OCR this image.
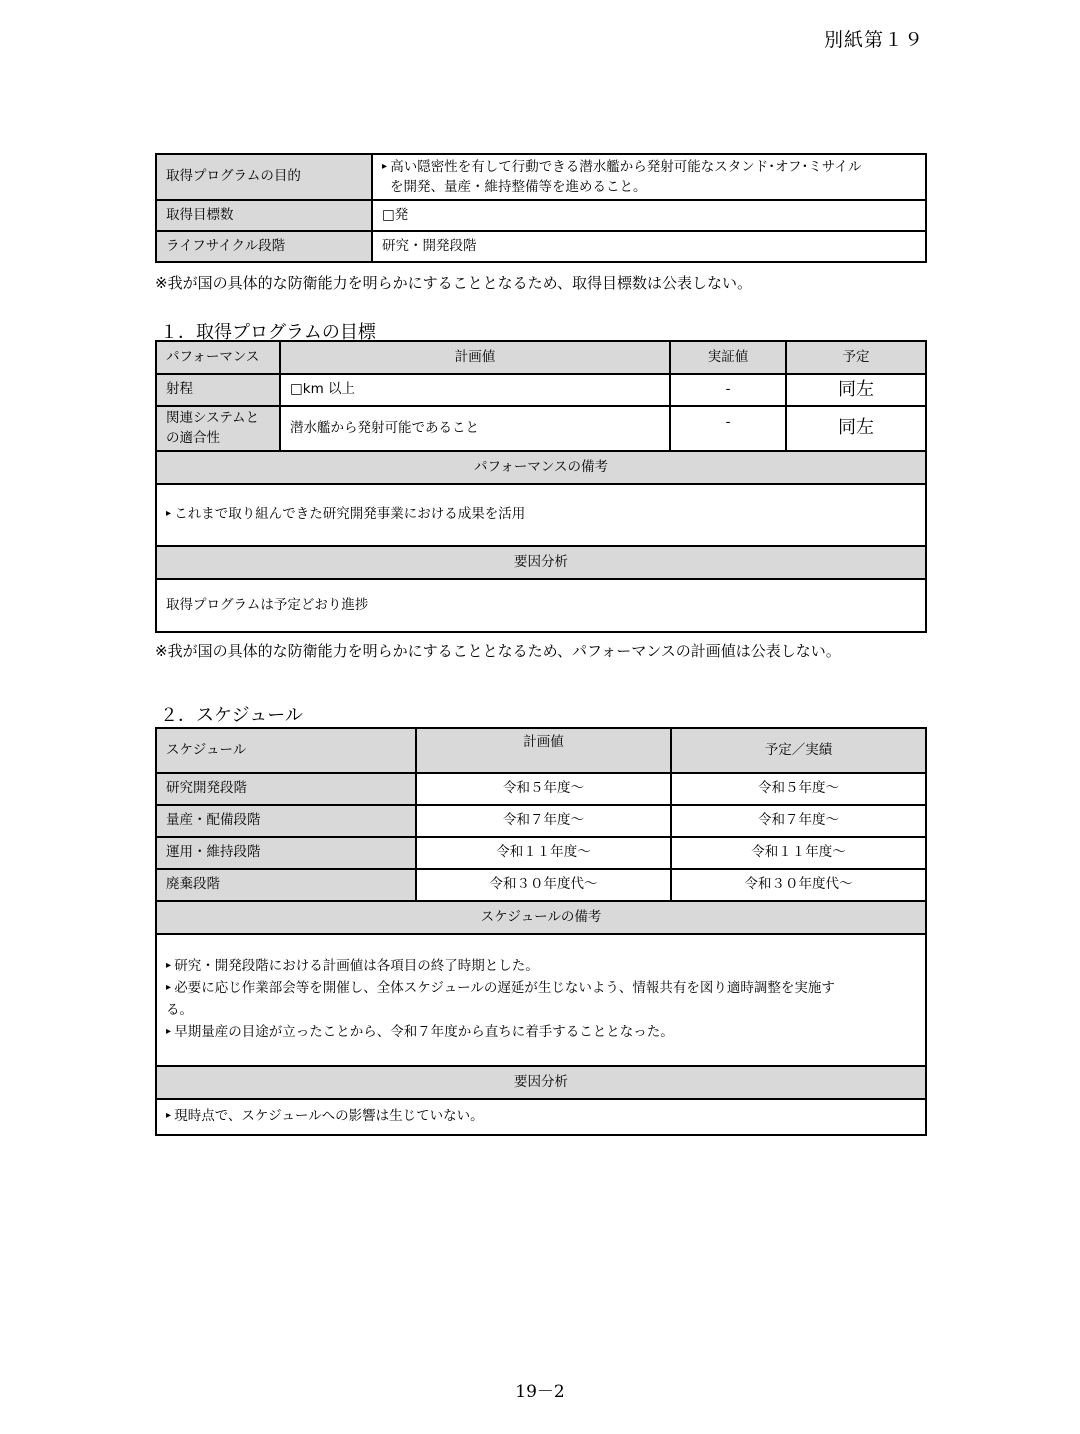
別紙第１９
取得プログラムの目的	▸ 高い隠密性を有して行動できる潜水艦から発射可能なスタンド･オフ･ミサイル
を開発、量産・維持整備等を進めること。

取得目標数	□発
ライフサイクル段階	研究・開発段階
※我が国の具体的な防衛能力を明らかにすることとなるため、取得目標数は公表しない。
１．取得プログラムの目標
パフォーマンス	計画値	実証値	予定
射程	□km 以上	-	同左

関連システムと
の適合性	潜水艦から発射可能であること	-	同左
パフォーマンスの備考			

▸ これまで取り組んできた研究開発事業における成果を活用

要因分析			
取得プログラムは予定どおり進捗			
※我が国の具体的な防衛能力を明らかにすることとなるため、パフォーマンスの計画値は公表しない。
２．スケジュール
スケジュール	計画値	予定／実績
研究開発段階	令和５年度～	令和５年度～
量産・配備段階	令和７年度～	令和７年度～
運用・維持段階	令和１１年度～	令和１１年度～
廃棄段階	令和３０年度代～	令和３０年度代～
スケジュールの備考		

▸ 研究・開発段階における計画値は各項目の終了時期とした。
▸ 必要に応じ作業部会等を開催し、全体スケジュールの遅延が生じないよう、情報共有を図り適時調整を実施す
る。
▸ 早期量産の目途が立ったことから、令和７年度から直ちに着手することとなった。

要因分析		

▸ 現時点で、スケジュールへの影響は生じていない。
19－2
